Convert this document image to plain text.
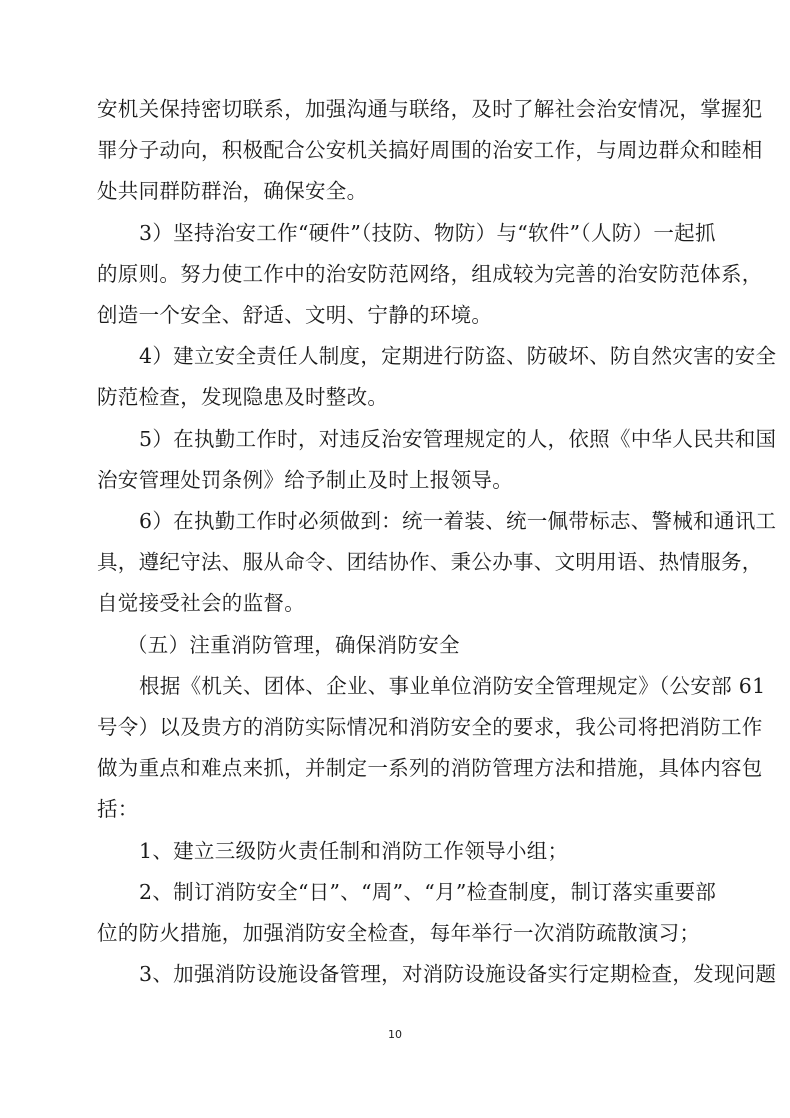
安机关保持密切联系，加强沟通与联络，及时了解社会治安情况，掌握犯
罪分子动向，积极配合公安机关搞好周围的治安工作，与周边群众和睦相
处共同群防群治，确保安全。
3）坚持治安工作“硬件”（技防、物防）与“软件”（人防）一起抓
的原则。努力使工作中的治安防范网络，组成较为完善的治安防范体系，
创造一个安全、舒适、文明、宁静的环境。
4）建立安全责任人制度，定期进行防盗、防破坏、防自然灾害的安全
防范检查，发现隐患及时整改。
5）在执勤工作时，对违反治安管理规定的人，依照《中华人民共和国
治安管理处罚条例》给予制止及时上报领导。
6）在执勤工作时必须做到：统一着装、统一佩带标志、警械和通讯工
具，遵纪守法、服从命令、团结协作、秉公办事、文明用语、热情服务，
自觉接受社会的监督。
（五）注重消防管理，确保消防安全
根据《机关、团体、企业、事业单位消防安全管理规定》（公安部 61
号令）以及贵方的消防实际情况和消防安全的要求，我公司将把消防工作
做为重点和难点来抓，并制定一系列的消防管理方法和措施，具体内容包
括：
1、建立三级防火责任制和消防工作领导小组；
2、制订消防安全“日”、“周”、“月”检查制度，制订落实重要部
位的防火措施，加强消防安全检查，每年举行一次消防疏散演习；
3、加强消防设施设备管理，对消防设施设备实行定期检查，发现问题
10
